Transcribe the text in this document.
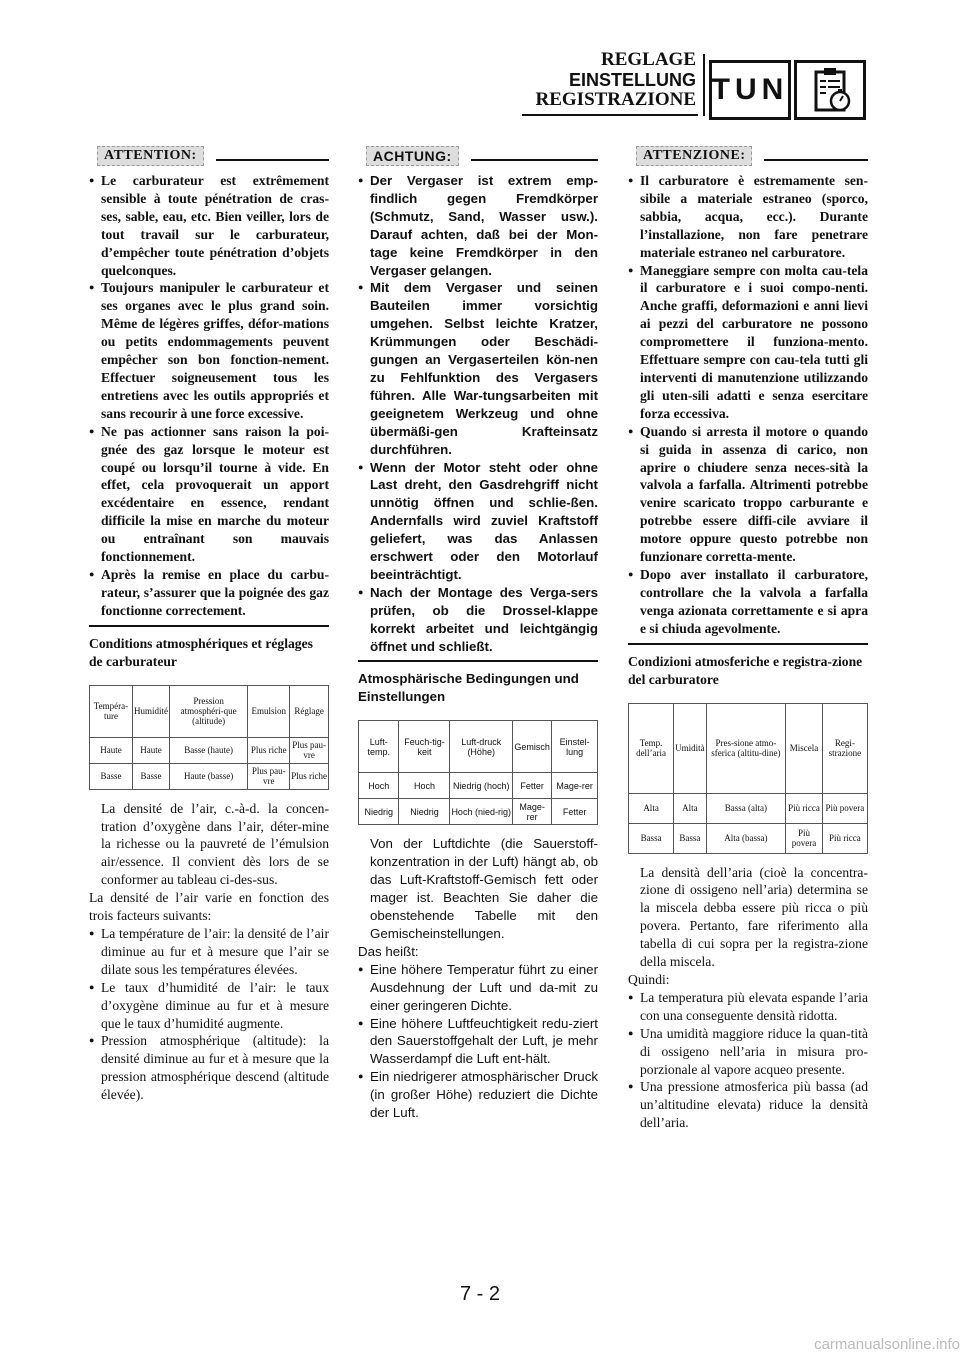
REGLAGE
EINSTELLUNG
REGISTRAZIONE TUN
ATTENTION:
● Le carburateur est extrêmement sensible à toute pénétration de cras-ses, sable, eau, etc. Bien veiller, lors de tout travail sur le carburateur, d’empêcher toute pénétration d’objets quelconques.
● Toujours manipuler le carburateur et ses organes avec le plus grand soin. Même de légères griffes, défor-mations ou petits endommagements peuvent empêcher son bon fonction-nement. Effectuer soigneusement tous les entretiens avec les outils appropriés et sans recourir à une force excessive.
● Ne pas actionner sans raison la poi-gnée des gaz lorsque le moteur est coupé ou lorsqu’il tourne à vide. En effet, cela provoquerait un apport excédentaire en essence, rendant difficile la mise en marche du moteur ou entraînant son mauvais fonctionnement.
● Après la remise en place du carbu-rateur, s’assurer que la poignée des gaz fonctionne correctement.
Conditions atmosphériques et réglages de carburateur
Tempéra-ture	Humidité	Pression atmosphéri-que (altitude)	Emulsion	Réglage
Haute	Haute	Basse (haute)	Plus riche	Plus pau-vre
Basse	Basse	Haute (basse)	Plus pau-vre	Plus riche

La densité de l’air, c.-à-d. la concen-tration d’oxygène dans l’air, déter-mine la richesse ou la pauvreté de l’émulsion air/essence. Il convient dès lors de se conformer au tableau ci-des-sus.

La densité de l’air varie en fonction des trois facteurs suivants:

● La température de l’air: la densité de l’air diminue au fur et à mesure que l’air se dilate sous les températures élevées.
● Le taux d’humidité de l’air: le taux d’oxygène diminue au fur et à mesure que le taux d’humidité augmente.
● Pression atmosphérique (altitude): la densité diminue au fur et à mesure que la pression atmosphérique descend (altitude élevée).
ACHTUNG:
● Der Vergaser ist extrem emp-findlich gegen Fremdkörper (Schmutz, Sand, Wasser usw.). Darauf achten, daß bei der Mon-tage keine Fremdkörper in den Vergaser gelangen.
● Mit dem Vergaser und seinen Bauteilen immer vorsichtig umgehen. Selbst leichte Kratzer, Krümmungen oder Beschädi-gungen an Vergaserteilen kön-nen zu Fehlfunktion des Vergasers führen. Alle War-tungsarbeiten mit geeignetem Werkzeug und ohne übermäßi-gen Krafteinsatz durchführen.
● Wenn der Motor steht oder ohne Last dreht, den Gasdrehgriff nicht unnötig öffnen und schlie-ßen. Andernfalls wird zuviel Kraftstoff geliefert, was das Anlassen erschwert oder den Motorlauf beeinträchtigt.
● Nach der Montage des Verga-sers prüfen, ob die Drossel-klappe korrekt arbeitet und leichtgängig öffnet und schließt.
Atmosphärische Bedingungen und Einstellungen
Luft-temp.	Feuch-tig-keit	Luft-druck (Höhe)	Gemisch	Einstel-lung
Hoch	Hoch	Niedrig (hoch)	Fetter	Mage-rer
Niedrig	Niedrig	Hoch (nied-rig)	Mage-rer	Fetter

Von der Luftdichte (die Sauerstoff-konzentration in der Luft) hängt ab, ob das Luft-Kraftstoff-Gemisch fett oder mager ist. Beachten Sie daher die obenstehende Tabelle mit den Gemischeinstellungen.

Das heißt:

● Eine höhere Temperatur führt zu einer Ausdehnung der Luft und da-mit zu einer geringeren Dichte.
● Eine höhere Luftfeuchtigkeit redu-ziert den Sauerstoffgehalt der Luft, je mehr Wasserdampf die Luft ent-hält.
● Ein niedrigerer atmosphärischer Druck (in großer Höhe) reduziert die Dichte der Luft.
ATTENZIONE:
● Il carburatore è estremamente sen-sibile a materiale estraneo (sporco, sabbia, acqua, ecc.). Durante l’installazione, non fare penetrare materiale estraneo nel carburatore.
● Maneggiare sempre con molta cau-tela il carburatore e i suoi compo-nenti. Anche graffi, deformazioni e anni lievi ai pezzi del carburatore ne possono compromettere il funziona-mento. Effettuare sempre con cau-tela tutti gli interventi di manutenzione utilizzando gli uten-sili adatti e senza esercitare forza eccessiva.
● Quando si arresta il motore o quando si guida in assenza di carico, non aprire o chiudere senza neces-sità la valvola a farfalla. Altrimenti potrebbe venire scaricato troppo carburante e potrebbe essere diffi-cile avviare il motore oppure questo potrebbe non funzionare corretta-mente.
● Dopo aver installato il carburatore, controllare che la valvola a farfalla venga azionata correttamente e si apra e si chiuda agevolmente.
Condizioni atmosferiche e registra-zione del carburatore
Temp. dell’aria	Umidità	Pres-sione atmo-sferica (altitu-dine)	Miscela	Regi-strazione
Alta	Alta	Bassa (alta)	Più ricca	Più povera
Bassa	Bassa	Alta (bassa)	Più povera	Più ricca

La densità dell’aria (cioè la concentra-zione di ossigeno nell’aria) determina se la miscela debba essere più ricca o più povera. Pertanto, fare riferimento alla tabella di cui sopra per la registra-zione della miscela.

Quindi:

● La temperatura più elevata espande l’aria con una conseguente densità ridotta.
● Una umidità maggiore riduce la quan-tità di ossigeno nell’aria in misura pro-porzionale al vapore acqueo presente.
● Una pressione atmosferica più bassa (ad un’altitudine elevata) riduce la densità dell’aria.
7 - 2
carmanualsonline.info
